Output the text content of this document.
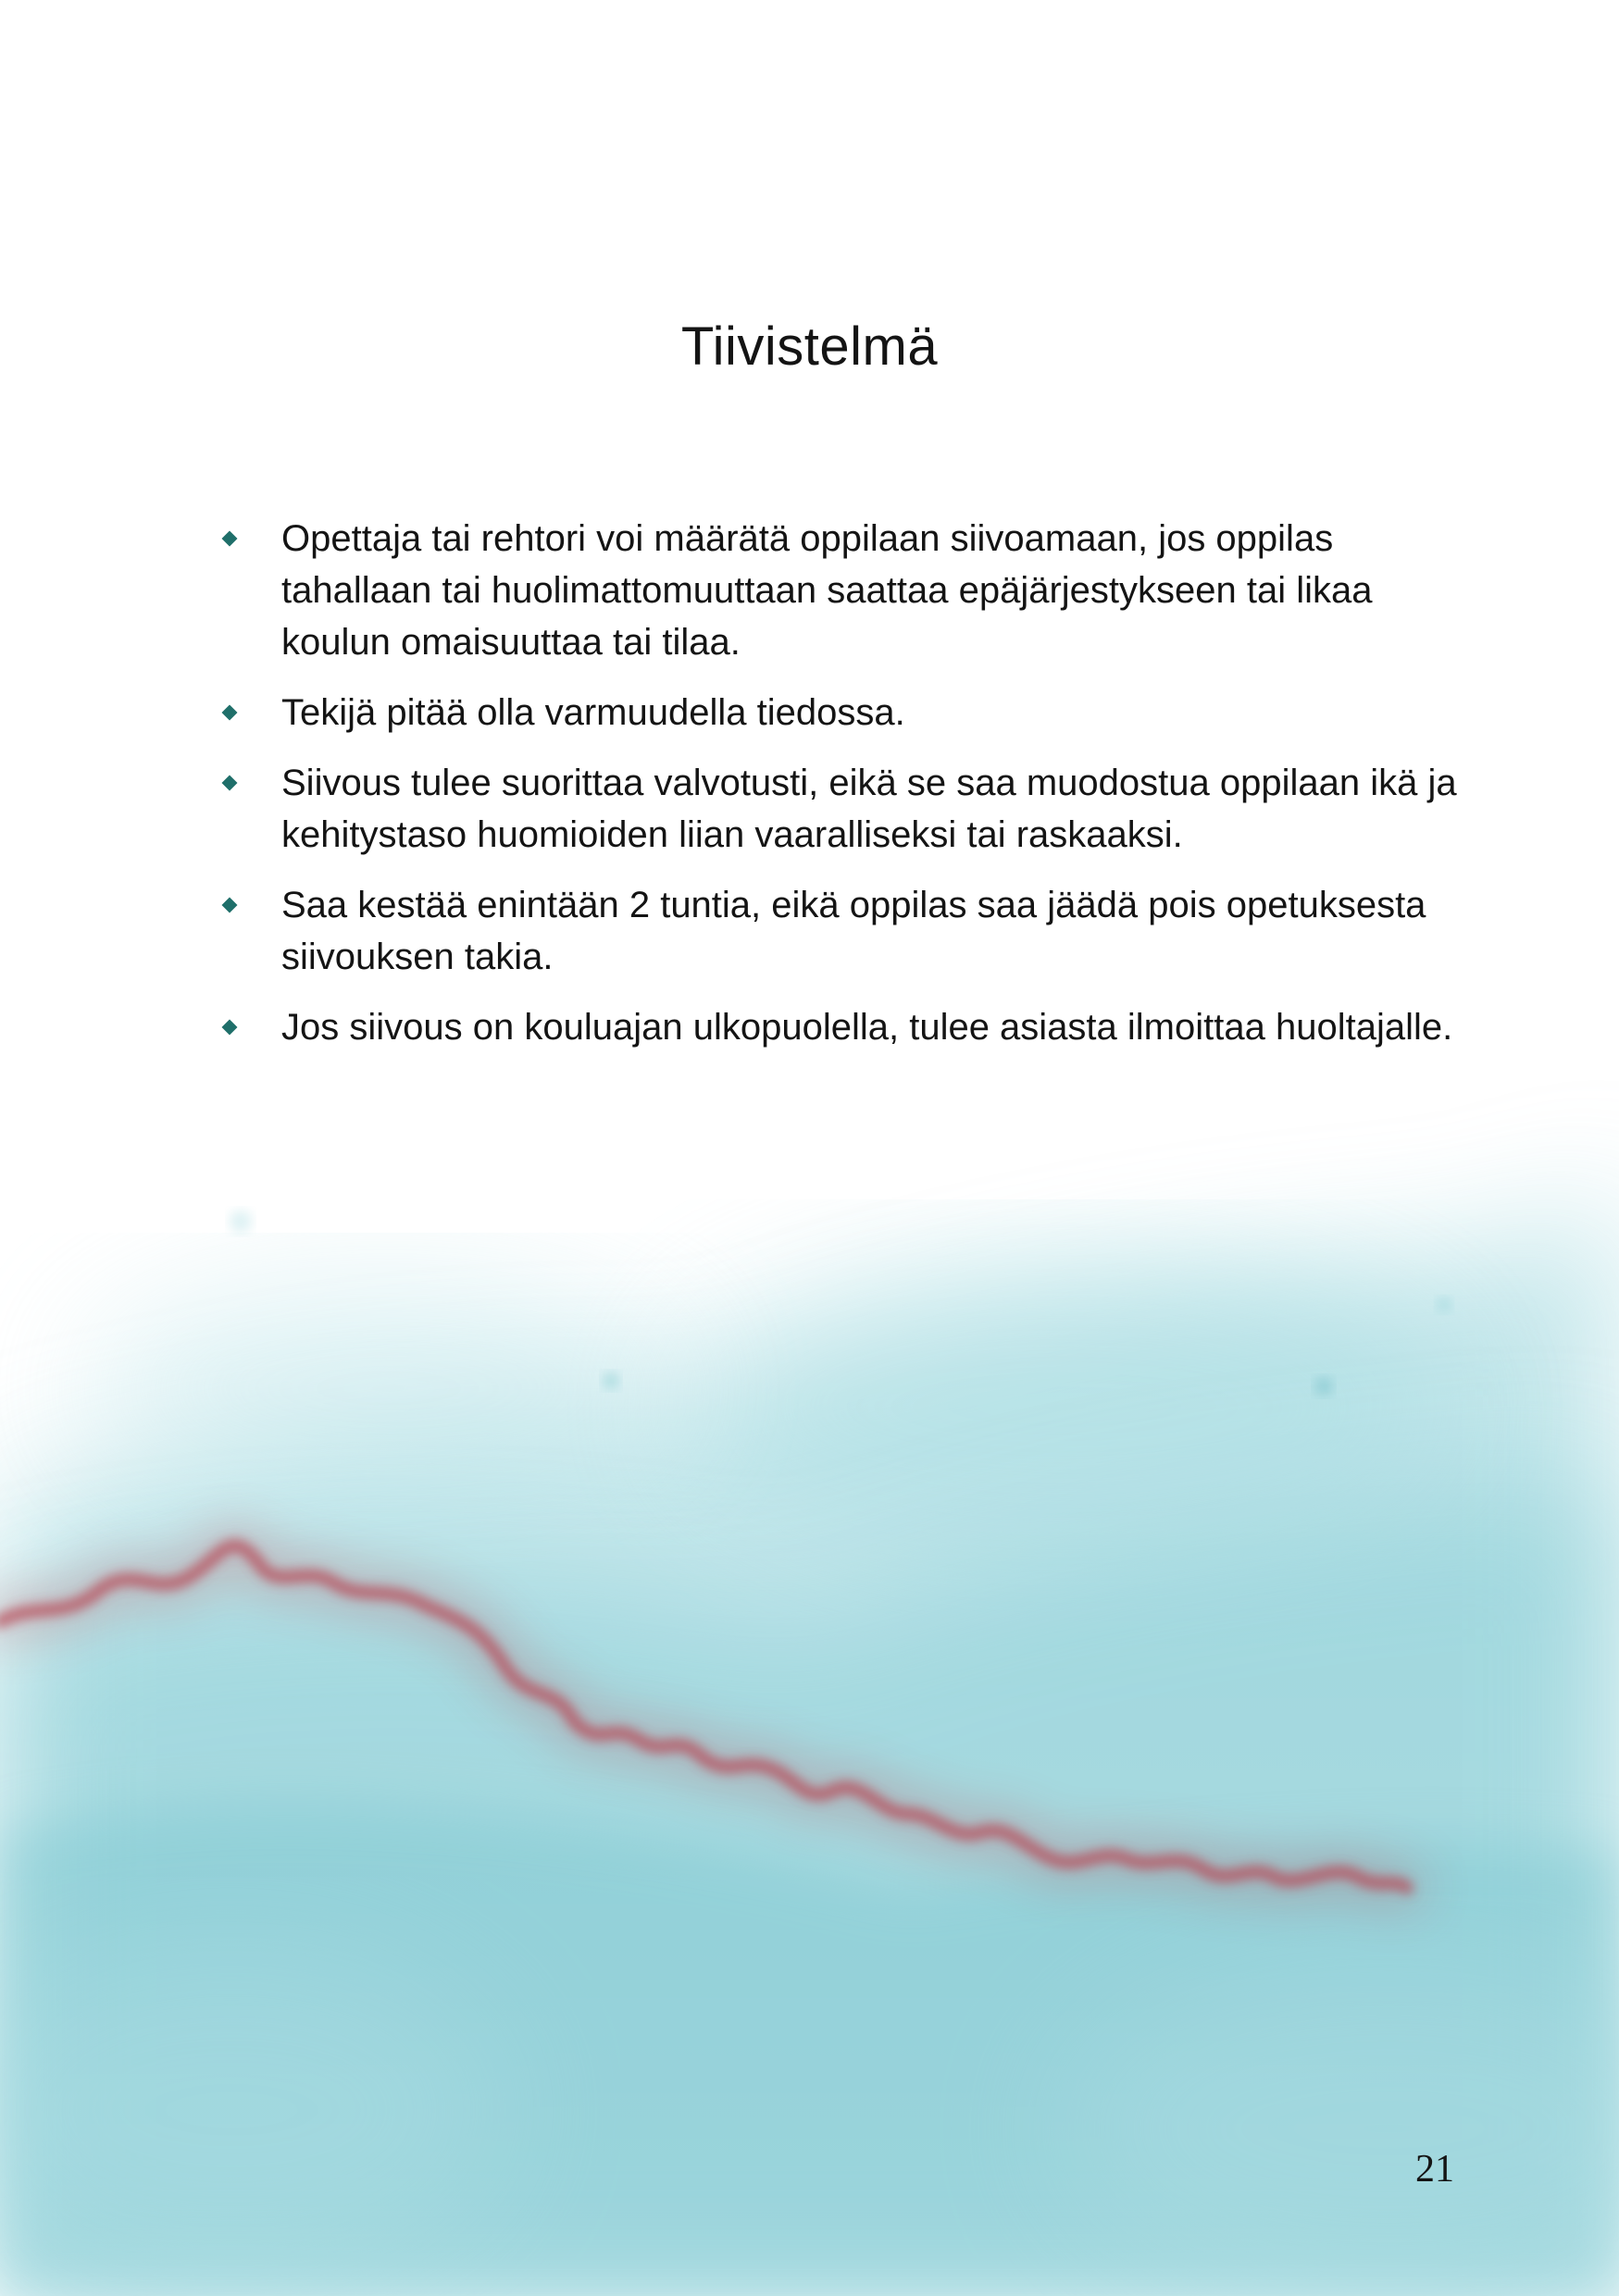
Tiivistelmä
Opettaja tai rehtori voi määrätä oppilaan siivoamaan, jos oppilas tahallaan tai huolimattomuuttaan saattaa epäjärjestykseen tai likaa koulun omaisuuttaa tai tilaa.
Tekijä pitää olla varmuudella tiedossa.
Siivous tulee suorittaa valvotusti, eikä se saa muodostua oppilaan ikä ja kehitystaso huomioiden liian vaaralliseksi tai raskaaksi.
Saa kestää enintään 2 tuntia, eikä oppilas saa jäädä pois opetuksesta siivouksen takia.
Jos siivous on kouluajan ulkopuolella, tulee asiasta ilmoittaa huoltajalle.
21
